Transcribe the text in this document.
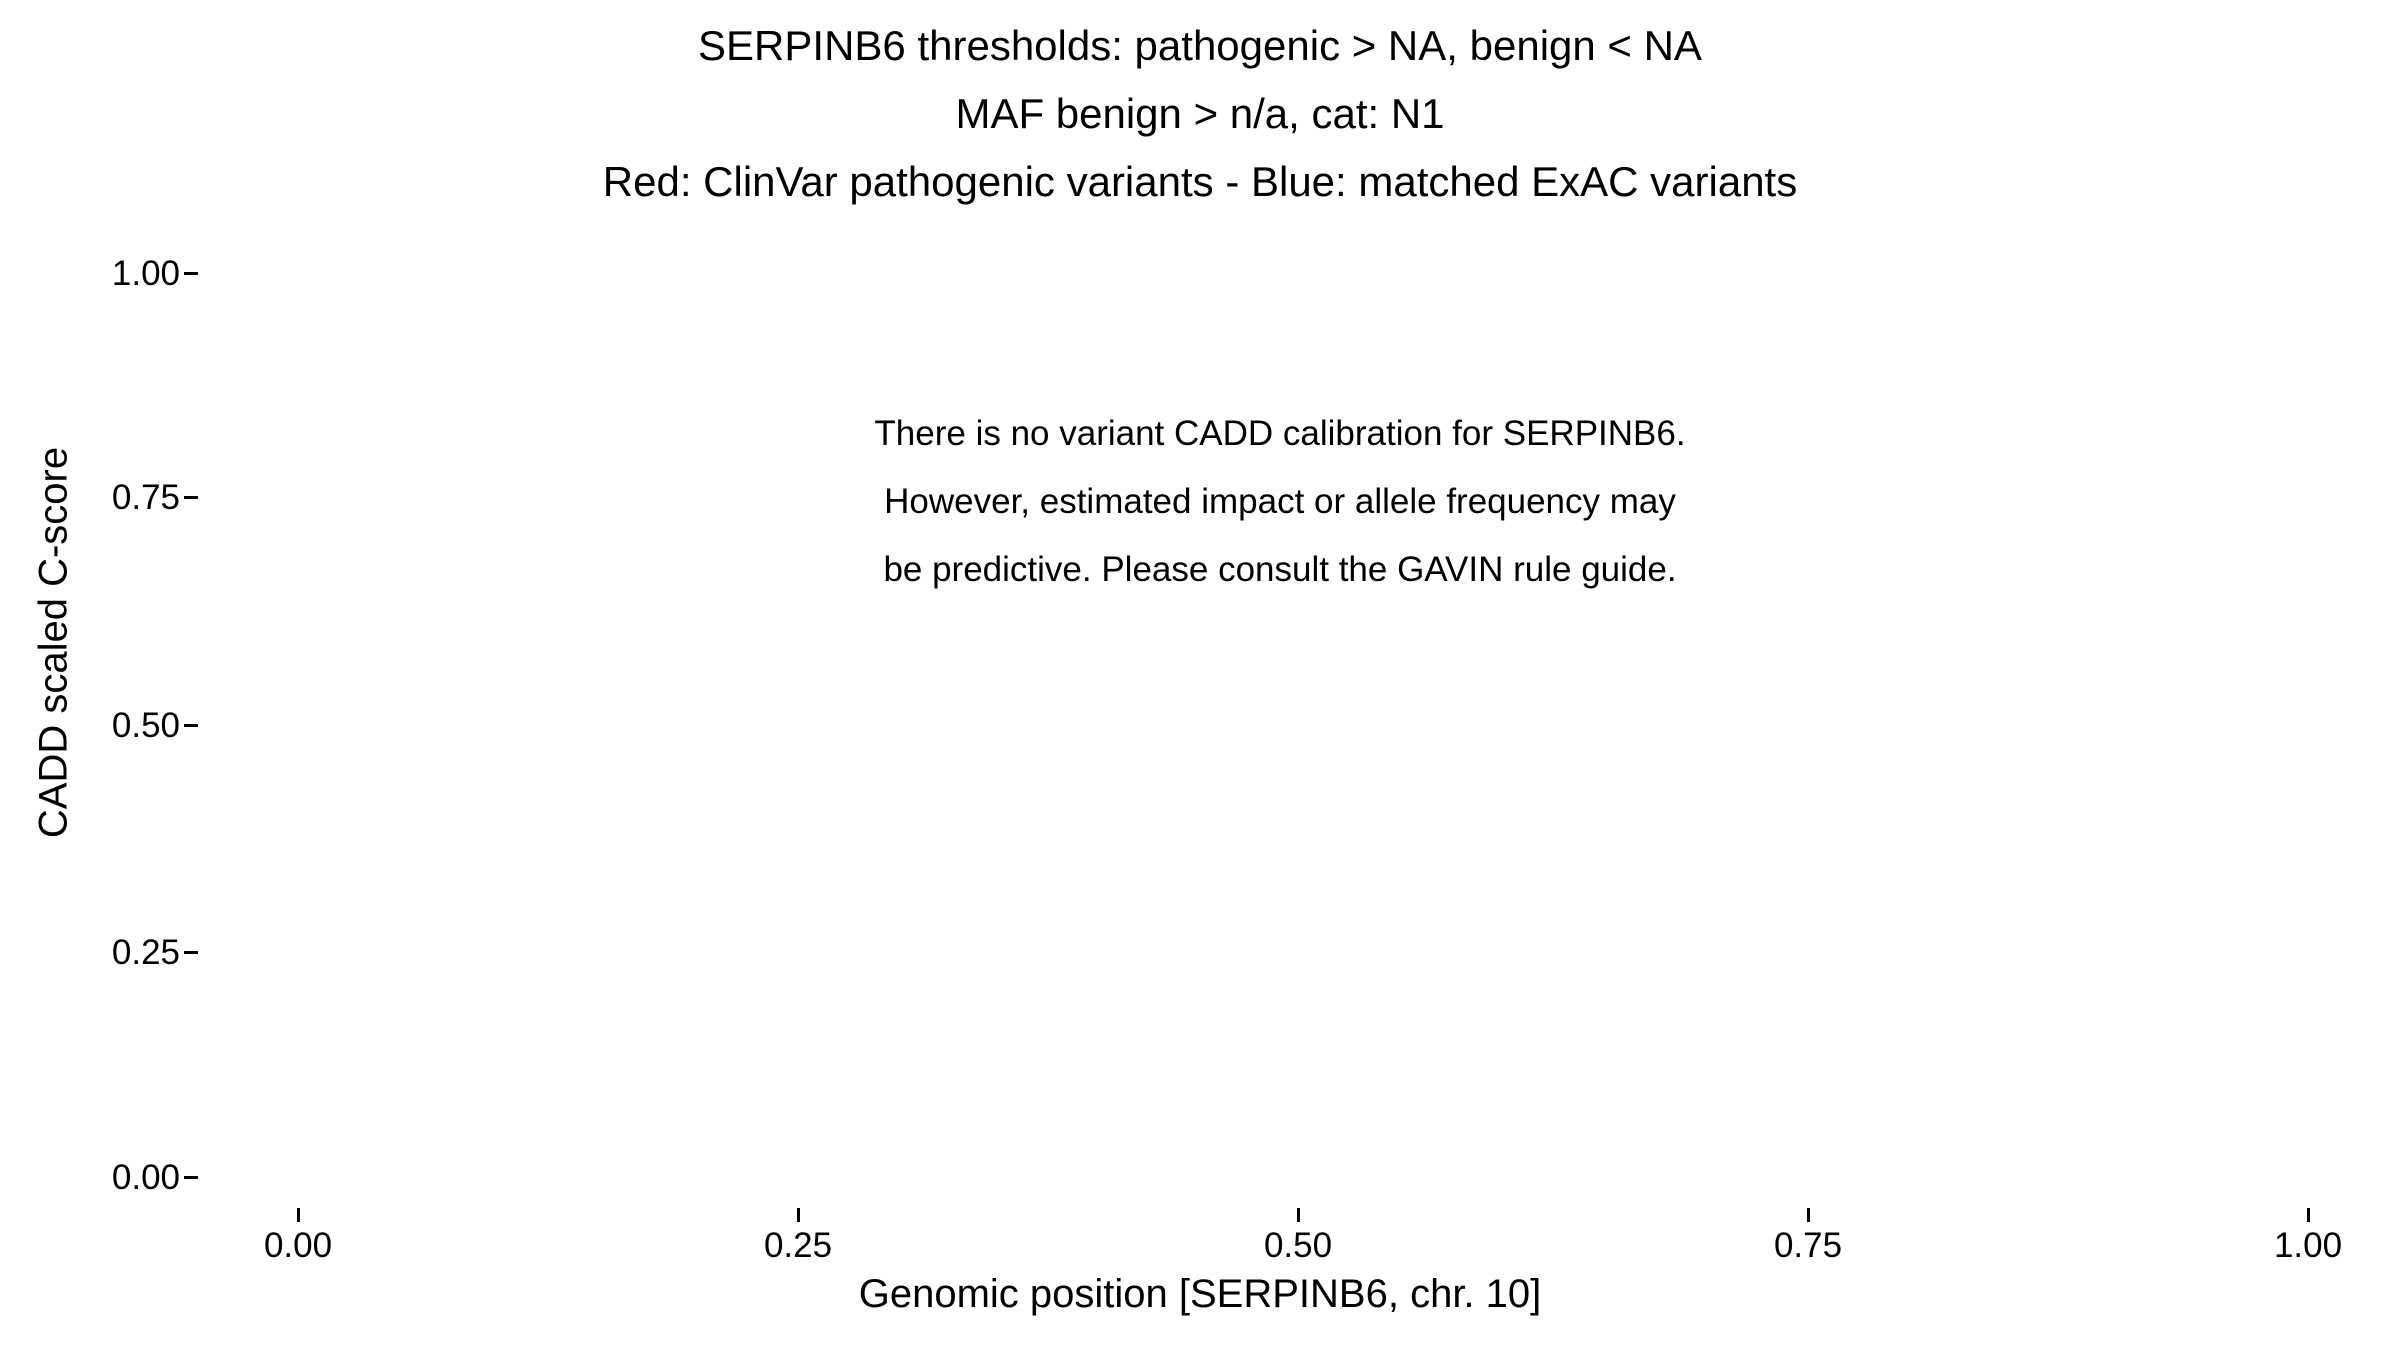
SERPINB6 thresholds: pathogenic > NA, benign < NA
MAF benign > n/a, cat: N1
Red: ClinVar pathogenic variants - Blue: matched ExAC variants
CADD scaled C-score
1.00
0.75
0.50
0.25
0.00
0.00	0.25	0.50	0.75	1.00
Genomic position [SERPINB6, chr. 10]
There is no variant CADD calibration for SERPINB6.
However, estimated impact or allele frequency may
be predictive. Please consult the GAVIN rule guide.
